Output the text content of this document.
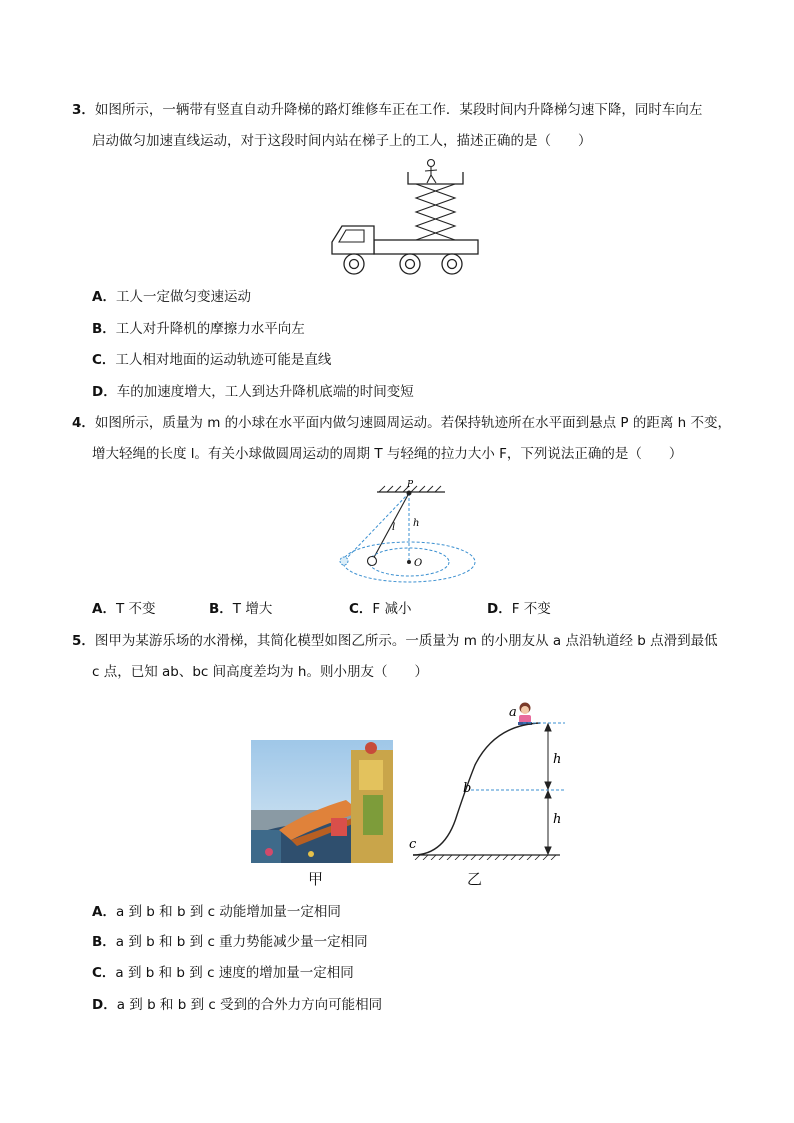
3．如图所示，一辆带有竖直自动升降梯的路灯维修车正在工作．某段时间内升降梯匀速下降，同时车向左
启动做匀加速直线运动，对于这段时间内站在梯子上的工人，描述正确的是（　　）
A．工人一定做匀变速运动
B．工人对升降机的摩擦力水平向左
C．工人相对地面的运动轨迹可能是直线
D．车的加速度增大，工人到达升降机底端的时间变短
4．如图所示，质量为 m 的小球在水平面内做匀速圆周运动。若保持轨迹所在水平面到悬点 P 的距离 h 不变，
增大轻绳的长度 l。有关小球做圆周运动的周期 T 与轻绳的拉力大小 F，下列说法正确的是（　　）
P
h
l
O
A．T 不变	B．T 增大	C．F 减小	D．F 不变
5．图甲为某游乐场的水滑梯，其简化模型如图乙所示。一质量为 m 的小朋友从 a 点沿轨道经 b 点滑到最低
c 点，已知 ab、bc 间高度差均为 h。则小朋友（　　）
甲
a
b
c
h
h
乙
A．a 到 b 和 b 到 c 动能增加量一定相同
B．a 到 b 和 b 到 c 重力势能减少量一定相同
C．a 到 b 和 b 到 c 速度的增加量一定相同
D．a 到 b 和 b 到 c 受到的合外力方向可能相同
